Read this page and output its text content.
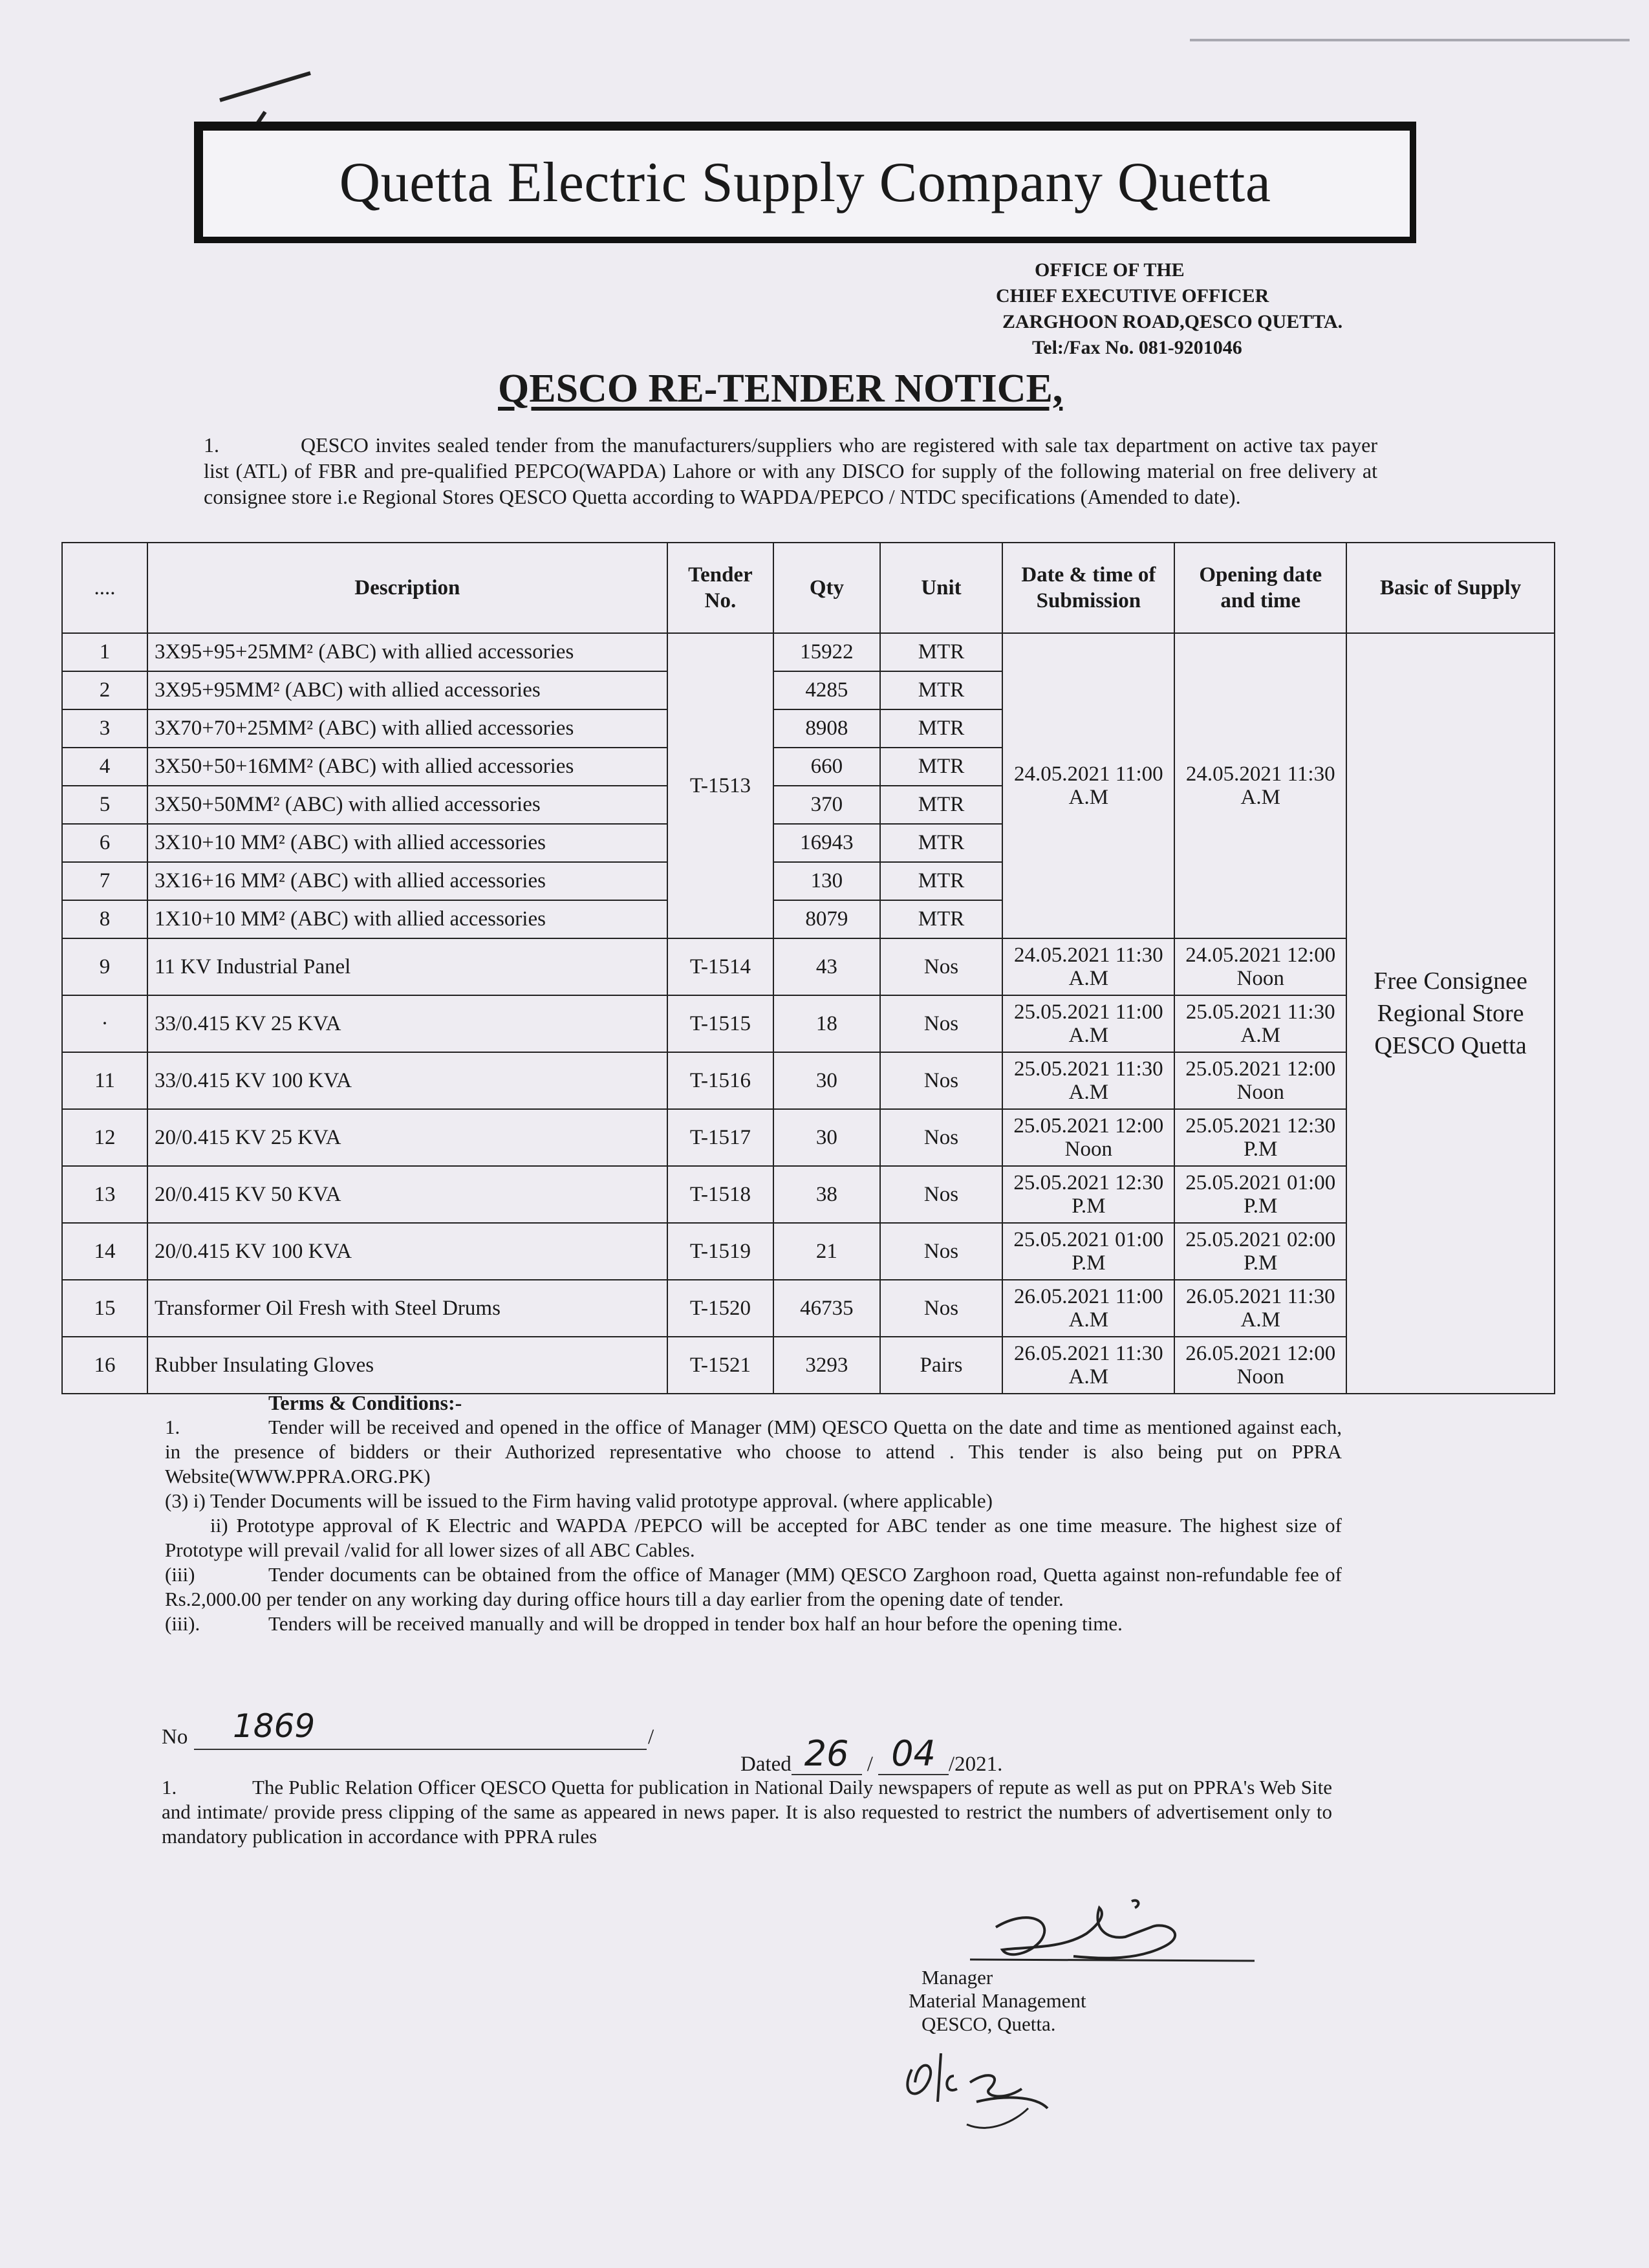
Quetta Electric Supply Company Quetta
OFFICE OF THE
CHIEF EXECUTIVE OFFICER
ZARGHOON ROAD,QESCO QUETTA.
Tel:/Fax No. 081-9201046
QESCO RE-TENDER NOTICE,
1.	QESCO invites sealed tender from the manufacturers/suppliers who are registered with sale tax department on active tax payer list (ATL) of FBR and pre-qualified PEPCO(WAPDA) Lahore or with any DISCO for supply of the following material on free delivery at consignee store i.e Regional Stores QESCO Quetta according to WAPDA/PEPCO / NTDC specifications (Amended to date).
....	Description	Tender No.	Qty	Unit	Date & time of Submission	Opening date and time	Basic of Supply
1	3X95+95+25MM² (ABC) with allied accessories	T-1513	15922	MTR	24.05.2021 11:00 A.M	24.05.2021 11:30 A.M	Free Consignee Regional Store QESCO Quetta
2	3X95+95MM² (ABC) with allied accessories		4285	MTR			
3	3X70+70+25MM² (ABC) with allied accessories		8908	MTR			
4	3X50+50+16MM² (ABC) with allied accessories		660	MTR			
5	3X50+50MM² (ABC) with allied accessories		370	MTR			
6	3X10+10 MM² (ABC) with allied accessories		16943	MTR			
7	3X16+16 MM² (ABC) with allied accessories		130	MTR			
8	1X10+10 MM² (ABC) with allied accessories		8079	MTR			
9	11 KV Industrial Panel	T-1514	43	Nos	24.05.2021 11:30 A.M	24.05.2021 12:00 Noon	
·	33/0.415 KV 25 KVA	T-1515	18	Nos	25.05.2021 11:00 A.M	25.05.2021 11:30 A.M	
11	33/0.415 KV 100 KVA	T-1516	30	Nos	25.05.2021 11:30 A.M	25.05.2021 12:00 Noon	
12	20/0.415 KV 25 KVA	T-1517	30	Nos	25.05.2021 12:00 Noon	25.05.2021 12:30 P.M	
13	20/0.415 KV 50 KVA	T-1518	38	Nos	25.05.2021 12:30 P.M	25.05.2021 01:00 P.M	
14	20/0.415 KV 100 KVA	T-1519	21	Nos	25.05.2021 01:00 P.M	25.05.2021 02:00 P.M	
15	Transformer Oil Fresh with Steel Drums	T-1520	46735	Nos	26.05.2021 11:00 A.M	26.05.2021 11:30 A.M	
16	Rubber Insulating Gloves	T-1521	3293	Pairs	26.05.2021 11:30 A.M	26.05.2021 12:00 Noon	
Terms & Conditions:-

1.	Tender will be received and opened in the office of Manager (MM) QESCO Quetta on the date and time as mentioned against each, in the presence of bidders or their Authorized representative who choose to attend . This tender is also being put on PPRA Website(WWW.PPRA.ORG.PK)

(3) i) Tender Documents will be issued to the Firm having valid prototype approval. (where applicable)

ii) Prototype approval of K Electric and WAPDA /PEPCO will be accepted for ABC tender as one time measure. The highest size of Prototype will prevail /valid for all lower sizes of all ABC Cables.

(iii)	Tender documents can be obtained from the office of Manager (MM) QESCO Zarghoon road, Quetta against non-refundable fee of Rs.2,000.00 per tender on any working day during office hours till a day earlier from the opening date of tender.

(iii).	Tenders will be received manually and will be dropped in tender box half an hour before the opening time.

No 1869	/
Dated 26 / 04 /2021.
1.	The Public Relation Officer QESCO Quetta for publication in National Daily newspapers of repute as well as put on PPRA's Web Site and intimate/ provide press clipping of the same as appeared in news paper. It is also requested to restrict the numbers of advertisement only to mandatory publication in accordance with PPRA rules
Manager
Material Management
QESCO, Quetta.
